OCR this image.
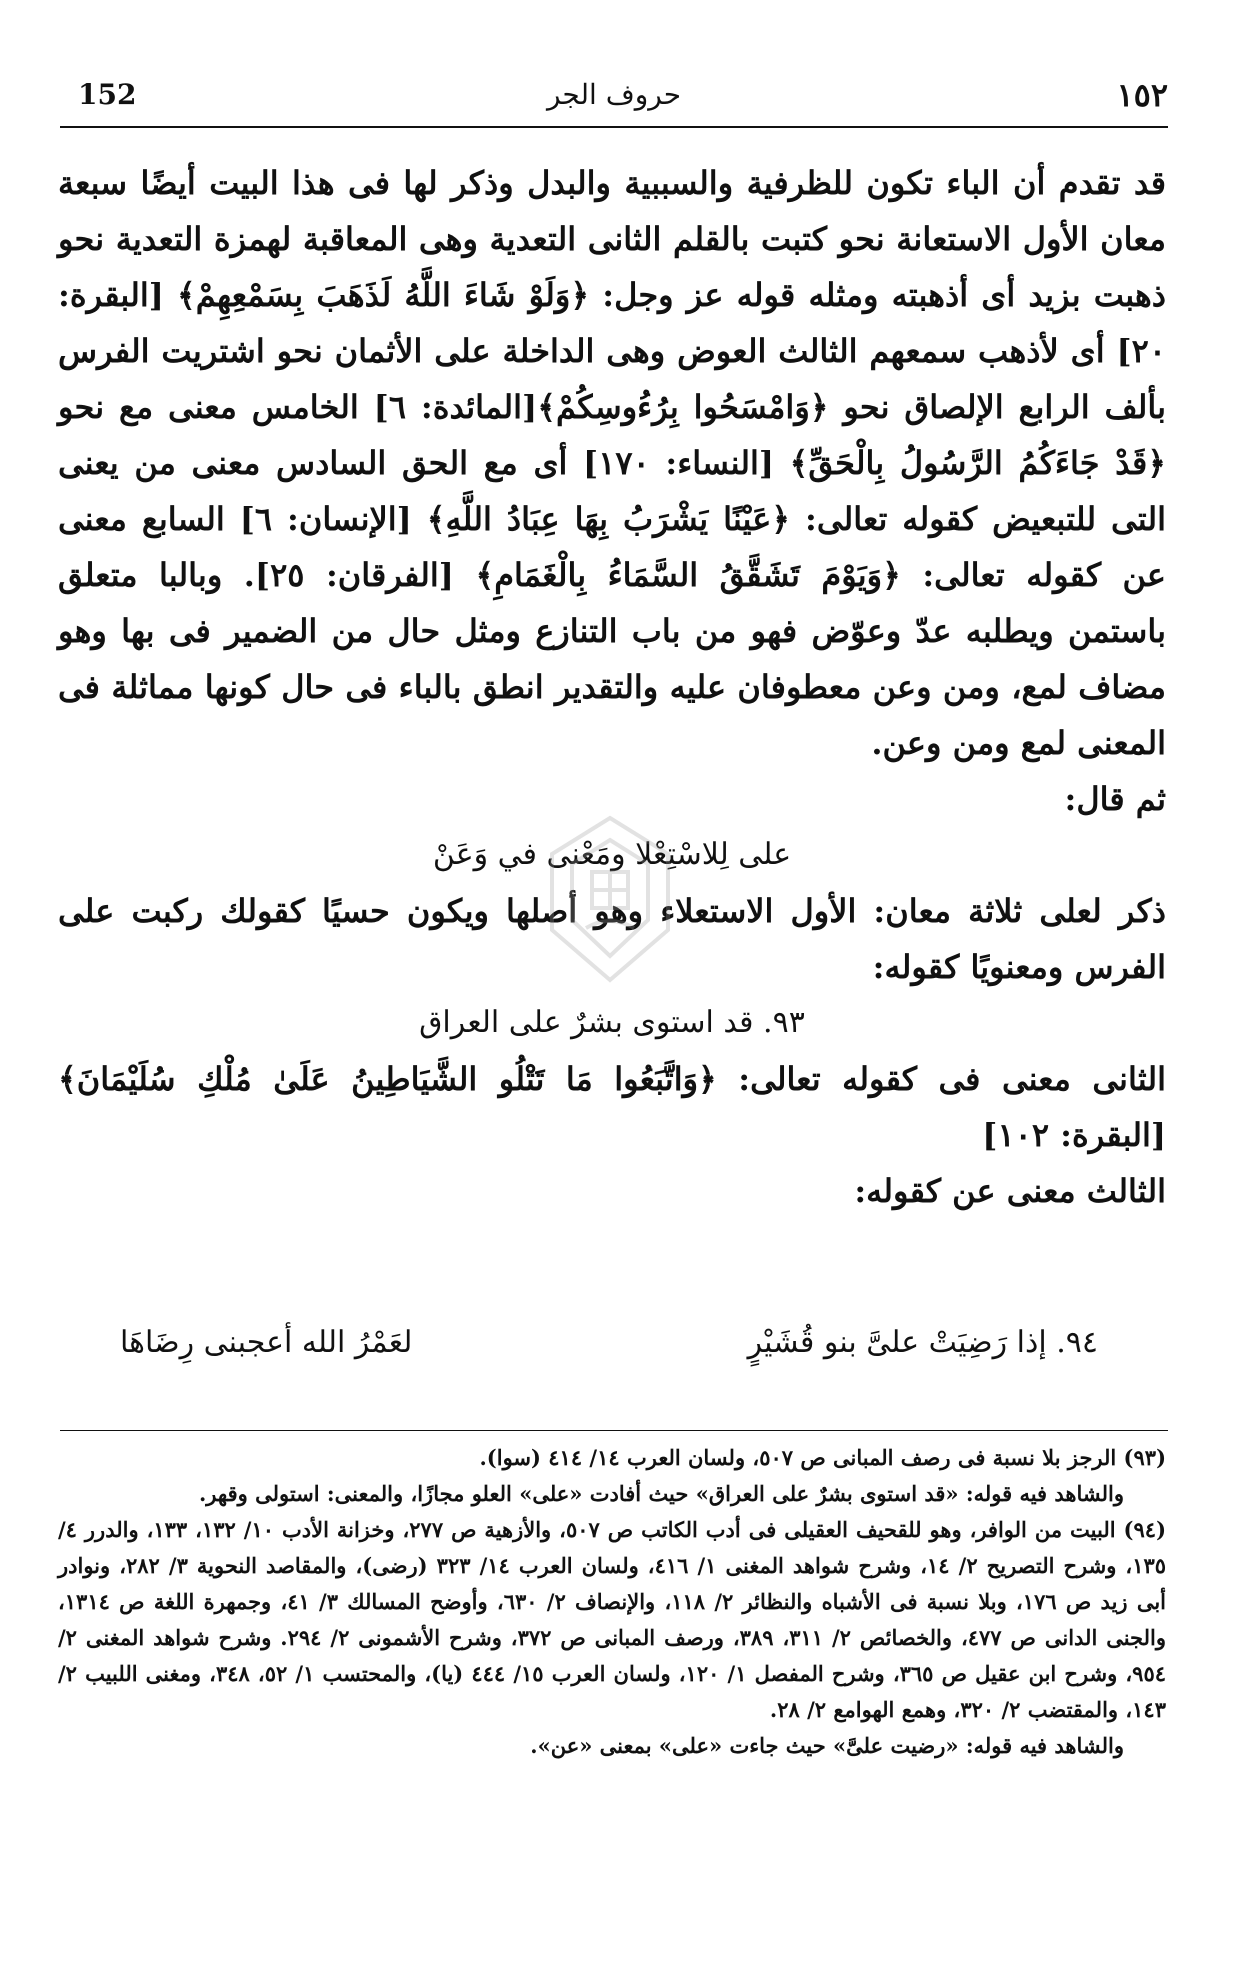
152	حروف الجر	١٥٢

قد تقدم أن الباء تكون للظرفية والسببية والبدل وذكر لها فى هذا البيت أيضًا سبعة معان الأول الاستعانة نحو كتبت بالقلم الثانى التعدية وهى المعاقبة لهمزة التعدية نحو ذهبت بزيد أى أذهبته ومثله قوله عز وجل: ﴿وَلَوْ شَاءَ اللَّهُ لَذَهَبَ بِسَمْعِهِمْ﴾ [البقرة: ٢٠] أى لأذهب سمعهم الثالث العوض وهى الداخلة على الأثمان نحو اشتريت الفرس بألف الرابع الإلصاق نحو ﴿وَامْسَحُوا بِرُءُوسِكُمْ﴾[المائدة: ٦] الخامس معنى مع نحو ﴿قَدْ جَاءَكُمُ الرَّسُولُ بِالْحَقِّ﴾ [النساء: ١٧٠] أى مع الحق السادس معنى من يعنى التى للتبعيض كقوله تعالى: ﴿عَيْنًا يَشْرَبُ بِهَا عِبَادُ اللَّهِ﴾ [الإنسان: ٦] السابع معنى عن كقوله تعالى: ﴿وَيَوْمَ تَشَقَّقُ السَّمَاءُ بِالْغَمَامِ﴾ [الفرقان: ٢٥]. وبالبا متعلق باستمن ويطلبه عدّ وعوّض فهو من باب التنازع ومثل حال من الضمير فى بها وهو مضاف لمع، ومن وعن معطوفان عليه والتقدير انطق بالباء فى حال كونها مماثلة فى المعنى لمع ومن وعن.

ثم قال:

على لِلاسْتِعْلا ومَعْنى في وَعَنْ

ذكر لعلى ثلاثة معان: الأول الاستعلاء وهو أصلها ويكون حسيًا كقولك ركبت على الفرس ومعنويًا كقوله:

٩٣. قد استوى بشرٌ على العراق

الثانى معنى فى كقوله تعالى: ﴿وَاتَّبَعُوا مَا تَتْلُو الشَّيَاطِينُ عَلَىٰ مُلْكِ سُلَيْمَانَ﴾ [البقرة: ١٠٢]

الثالث معنى عن كقوله:

٩٤. إذا رَضِيَتْ علىَّ بنو قُشَيْرٍ
لعَمْرُ الله أعجبنى رِضَاهَا

(٩٣) الرجز بلا نسبة فى رصف المبانى ص ٥٠٧، ولسان العرب ١٤/ ٤١٤ (سوا).

والشاهد فيه قوله: «قد استوى بشرٌ على العراق» حيث أفادت «على» العلو مجازًا، والمعنى: استولى وقهر.

(٩٤) البيت من الوافر، وهو للقحيف العقيلى فى أدب الكاتب ص ٥٠٧، والأزهية ص ٢٧٧، وخزانة الأدب ١٠/ ١٣٢، ١٣٣، والدرر ٤/ ١٣٥، وشرح التصريح ٢/ ١٤، وشرح شواهد المغنى ١/ ٤١٦، ولسان العرب ١٤/ ٣٢٣ (رضى)، والمقاصد النحوية ٣/ ٢٨٢، ونوادر أبى زيد ص ١٧٦، وبلا نسبة فى الأشباه والنظائر ٢/ ١١٨، والإنصاف ٢/ ٦٣٠، وأوضح المسالك ٣/ ٤١، وجمهرة اللغة ص ١٣١٤، والجنى الدانى ص ٤٧٧، والخصائص ٢/ ٣١١، ٣٨٩، ورصف المبانى ص ٣٧٢، وشرح الأشمونى ٢/ ٢٩٤. وشرح شواهد المغنى ٢/ ٩٥٤، وشرح ابن عقيل ص ٣٦٥، وشرح المفصل ١/ ١٢٠، ولسان العرب ١٥/ ٤٤٤ (يا)، والمحتسب ١/ ٥٢، ٣٤٨، ومغنى اللبيب ٢/ ١٤٣، والمقتضب ٢/ ٣٢٠، وهمع الهوامع ٢/ ٢٨.

والشاهد فيه قوله: «رضيت علىَّ» حيث جاءت «على» بمعنى «عن».
